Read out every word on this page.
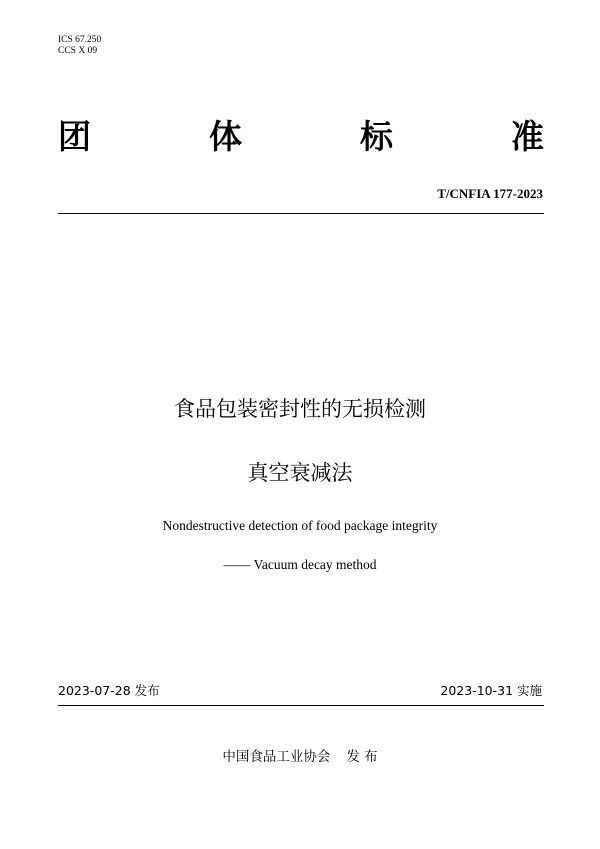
ICS 67.250
CCS X 09
团	体	标	准
T/CNFIA 177-2023
食品包装密封性的无损检测
真空衰减法
Nondestructive detection of food package integrity
—— Vacuum decay method
2023-07-28 发布	2023-10-31 实施
中国食品工业协会 发 布
